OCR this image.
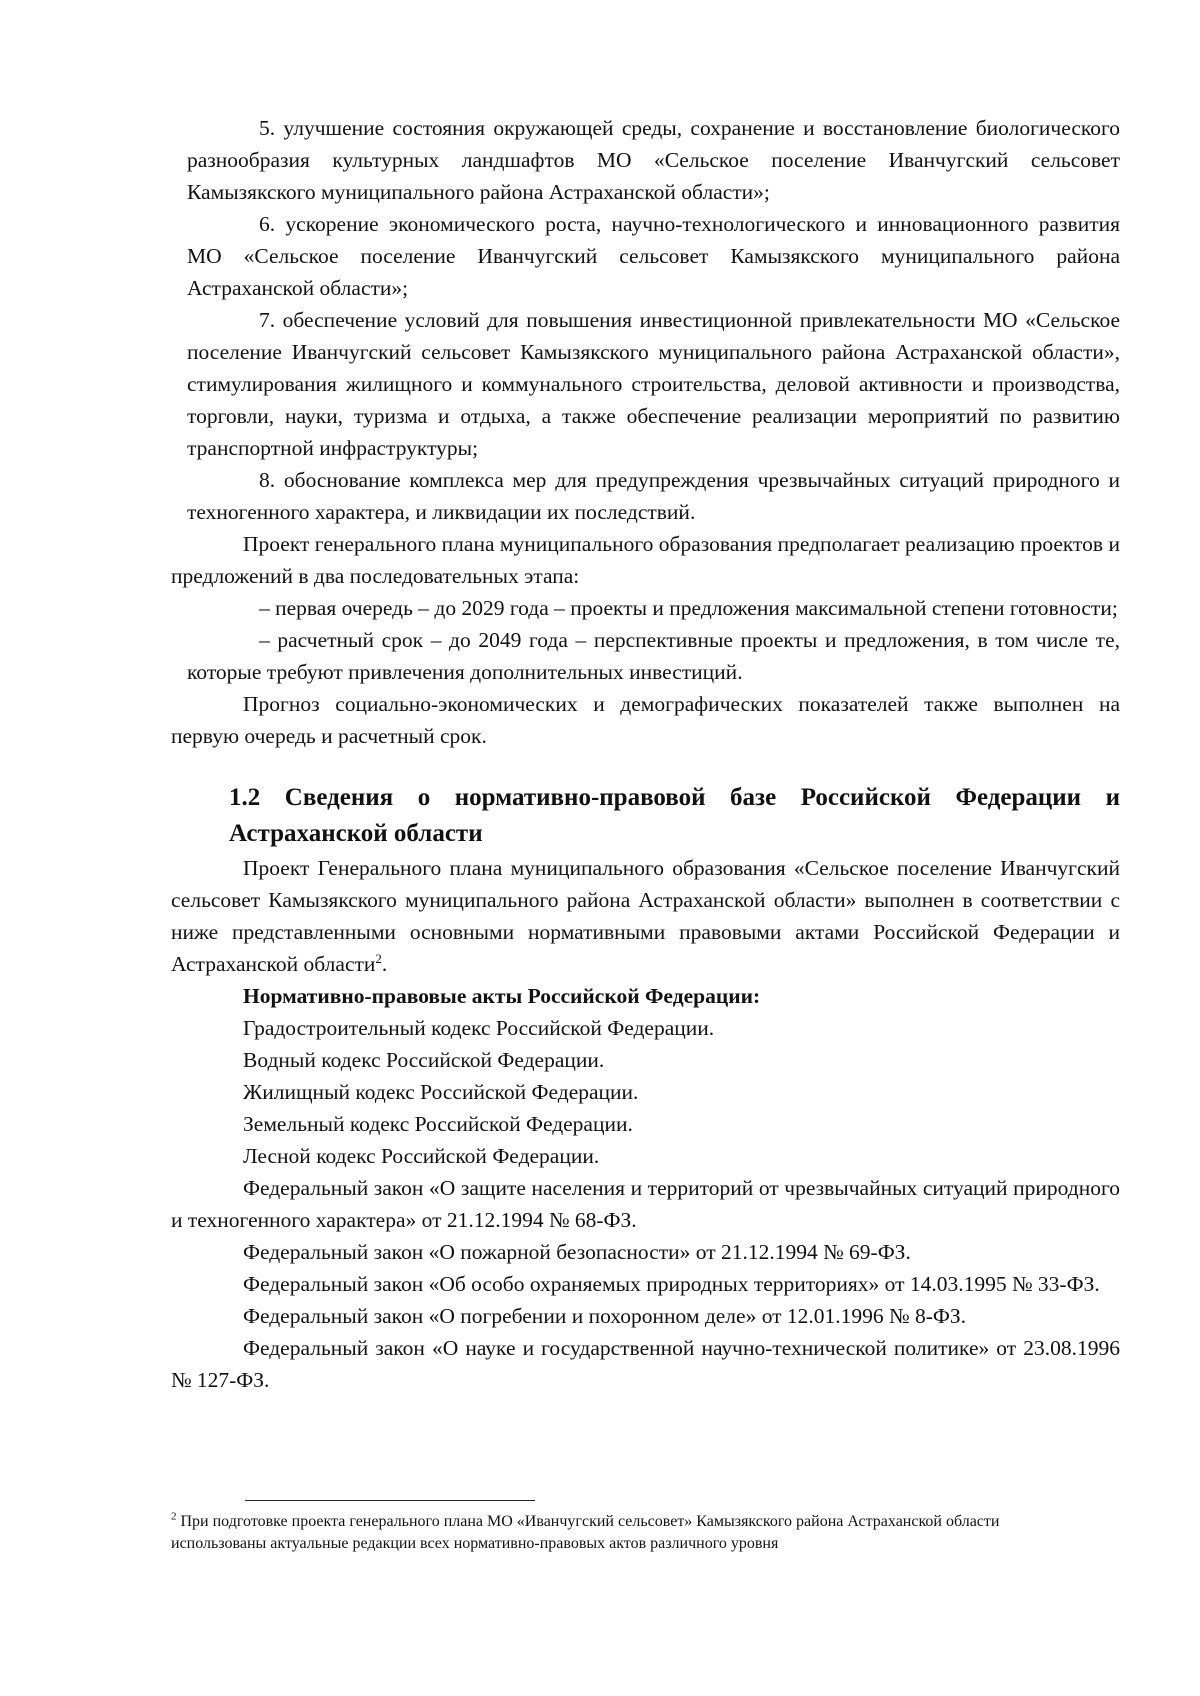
5. улучшение состояния окружающей среды, сохранение и восстановление биологического разнообразия культурных ландшафтов МО «Сельское поселение Иванчугский сельсовет Камызякского муниципального района Астраханской области»;

6. ускорение экономического роста, научно-технологического и инновационного развития МО «Сельское поселение Иванчугский сельсовет Камызякского муниципального района Астраханской области»;

7. обеспечение условий для повышения инвестиционной привлекательности МО «Сельское поселение Иванчугский сельсовет Камызякского муниципального района Астраханской области», стимулирования жилищного и коммунального строительства, деловой активности и производства, торговли, науки, туризма и отдыха, а также обеспечение реализации мероприятий по развитию транспортной инфраструктуры;

8. обоснование комплекса мер для предупреждения чрезвычайных ситуаций природного и техногенного характера, и ликвидации их последствий.

Проект генерального плана муниципального образования предполагает реализацию проектов и предложений в два последовательных этапа:

– первая очередь – до 2029 года – проекты и предложения максимальной степени готовности;

– расчетный срок – до 2049 года – перспективные проекты и предложения, в том числе те, которые требуют привлечения дополнительных инвестиций.

Прогноз социально-экономических и демографических показателей также выполнен на первую очередь и расчетный срок.

1.2 Сведения о нормативно-правовой базе Российской Федерации и Астраханской области

Проект Генерального плана муниципального образования «Сельское поселение Иванчугский сельсовет Камызякского муниципального района Астраханской области» выполнен в соответствии с ниже представленными основными нормативными правовыми актами Российской Федерации и Астраханской области$^2$.

Нормативно-правовые акты Российской Федерации:

Градостроительный кодекс Российской Федерации.

Водный кодекс Российской Федерации.

Жилищный кодекс Российской Федерации.

Земельный кодекс Российской Федерации.

Лесной кодекс Российской Федерации.

Федеральный закон «О защите населения и территорий от чрезвычайных ситуаций природного и техногенного характера» от 21.12.1994 № 68-ФЗ.

Федеральный закон «О пожарной безопасности» от 21.12.1994 № 69-ФЗ.

Федеральный закон «Об особо охраняемых природных территориях» от 14.03.1995 № 33-ФЗ.

Федеральный закон «О погребении и похоронном деле» от 12.01.1996 № 8-ФЗ.

Федеральный закон «О науке и государственной научно-технической политике» от 23.08.1996 № 127-ФЗ.

$^2$ При подготовке проекта генерального плана МО «Иванчугский сельсовет» Камызякского района Астраханской области использованы актуальные редакции всех нормативно-правовых актов различного уровня
